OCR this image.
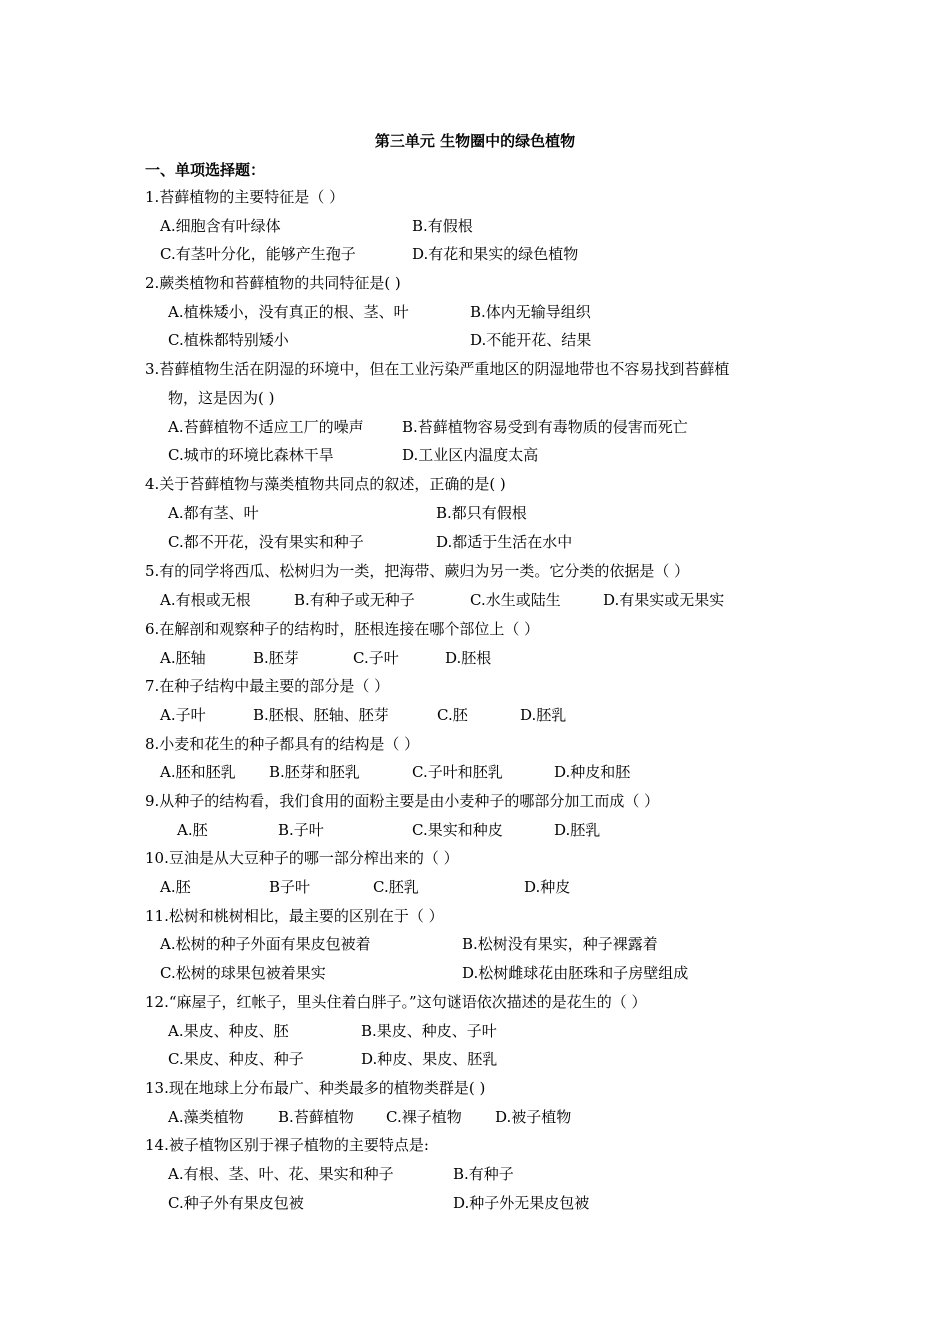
第三单元 生物圈中的绿色植物
一、单项选择题：
1.苔藓植物的主要特征是（ ）
A.细胞含有叶绿体	B.有假根
C.有茎叶分化，能够产生孢子	D.有花和果实的绿色植物
2.蕨类植物和苔藓植物的共同特征是( )
A.植株矮小，没有真正的根、茎、叶	B.体内无输导组织
C.植株都特别矮小	D.不能开花、结果
3.苔藓植物生活在阴湿的环境中，但在工业污染严重地区的阴湿地带也不容易找到苔藓植
物，这是因为( )
A.苔藓植物不适应工厂的噪声	B.苔藓植物容易受到有毒物质的侵害而死亡
C.城市的环境比森林干旱	D.工业区内温度太高
4.关于苔藓植物与藻类植物共同点的叙述，正确的是( )
A.都有茎、叶	B.都只有假根
C.都不开花，没有果实和种子	D.都适于生活在水中
5.有的同学将西瓜、松树归为一类，把海带、蕨归为另一类。它分类的依据是（ ）
A.有根或无根	B.有种子或无种子	C.水生或陆生	D.有果实或无果实
6.在解剖和观察种子的结构时，胚根连接在哪个部位上（ ）
A.胚轴	B.胚芽	C.子叶	D.胚根
7.在种子结构中最主要的部分是（ ）
A.子叶	B.胚根、胚轴、胚芽	C.胚	D.胚乳
8.小麦和花生的种子都具有的结构是（ ）
A.胚和胚乳 B.胚芽和胚乳	C.子叶和胚乳	D.种皮和胚
9.从种子的结构看，我们食用的面粉主要是由小麦种子的哪部分加工而成（ ）
A.胚	B.子叶	C.果实和种皮	D.胚乳
10.豆油是从大豆种子的哪一部分榨出来的（ ）
A.胚	B子叶	C.胚乳	D.种皮
11.松树和桃树相比，最主要的区别在于（ ）
A.松树的种子外面有果皮包被着	B.松树没有果实，种子裸露着
C.松树的球果包被着果实	D.松树雌球花由胚珠和子房壁组成
12.“麻屋子，红帐子，里头住着白胖子。”这句谜语依次描述的是花生的（ ）
A.果皮、种皮、胚	B.果皮、种皮、子叶
C.果皮、种皮、种子	D.种皮、果皮、胚乳
13.现在地球上分布最广、种类最多的植物类群是( )
A.藻类植物 B.苔藓植物 C.裸子植物 D.被子植物
14.被子植物区别于裸子植物的主要特点是:
A.有根、茎、叶、花、果实和种子	B.有种子
C.种子外有果皮包被	D.种子外无果皮包被
